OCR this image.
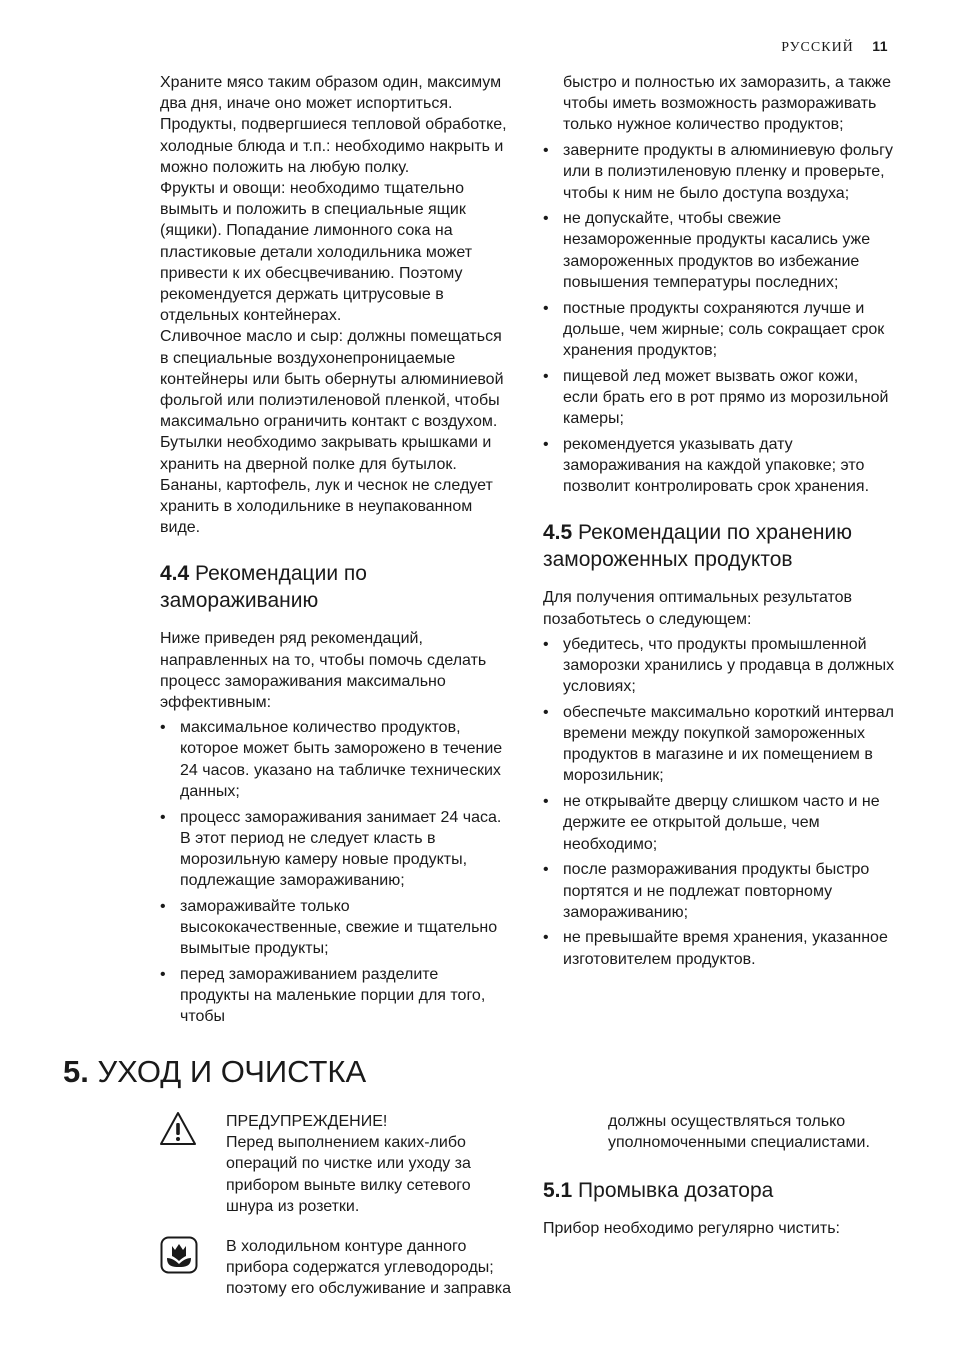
РУССКИЙ 11

Храните мясо таким образом один, максимум два дня, иначе оно может испортиться.

Продукты, подвергшиеся тепловой обработке, холодные блюда и т.п.: необходимо накрыть и можно положить на любую полку.

Фрукты и овощи: необходимо тщательно вымыть и положить в специальные ящик (ящики). Попадание лимонного сока на пластиковые детали холодильника может привести к их обесцвечиванию. Поэтому рекомендуется держать цитрусовые в отдельных контейнерах.

Сливочное масло и сыр: должны помещаться в специальные воздухонепроницаемые контейнеры или быть обернуты алюминиевой фольгой или полиэтиленовой пленкой, чтобы максимально ограничить контакт с воздухом.

Бутылки необходимо закрывать крышками и хранить на дверной полке для бутылок.

Бананы, картофель, лук и чеснок не следует хранить в холодильнике в неупакованном виде.

4.4 Рекомендации по замораживанию

Ниже приведен ряд рекомендаций, направленных на то, чтобы помочь сделать процесс замораживания максимально эффективным:

• максимальное количество продуктов, которое может быть заморожено в течение 24 часов. указано на табличке технических данных;
• процесс замораживания занимает 24 часа. В этот период не следует класть в морозильную камеру новые продукты, подлежащие замораживанию;
• замораживайте только высококачественные, свежие и тщательно вымытые продукты;
• перед замораживанием разделите продукты на маленькие порции для того, чтобы

быстро и полностью их заморазить, а также чтобы иметь возможность размораживать только нужное количество продуктов;

• заверните продукты в алюминиевую фольгу или в полиэтиленовую пленку и проверьте, чтобы к ним не было доступа воздуха;
• не допускайте, чтобы свежие незамороженные продукты касались уже замороженных продуктов во избежание повышения температуры последних;
• постные продукты сохраняются лучше и дольше, чем жирные; соль сокращает срок хранения продуктов;
• пищевой лед может вызвать ожог кожи, если брать его в рот прямо из морозильной камеры;
• рекомендуется указывать дату замораживания на каждой упаковке; это позволит контролировать срок хранения.
4.5 Рекомендации по хранению замороженных продуктов

Для получения оптимальных результатов позаботьтесь о следующем:

• убедитесь, что продукты промышленной заморозки хранились у продавца в должных условиях;
• обеспечьте максимально короткий интервал времени между покупкой замороженных продуктов в магазине и их помещением в морозильник;
• не открывайте дверцу слишком часто и не держите ее открытой дольше, чем необходимо;
• после размораживания продукты быстро портятся и не подлежат повторному замораживанию;
• не превышайте время хранения, указанное изготовителем продуктов.
5. УХОД И ОЧИСТКА
ПРЕДУПРЕЖДЕНИЕ!
Перед выполнением каких-либо операций по чистке или уходу за прибором выньте вилку сетевого шнура из розетки.
В холодильном контуре данного прибора содержатся углеводороды; поэтому его обслуживание и заправка
должны осуществляться только уполномоченными специалистами.
5.1 Промывка дозатора

Прибор необходимо регулярно чистить:
